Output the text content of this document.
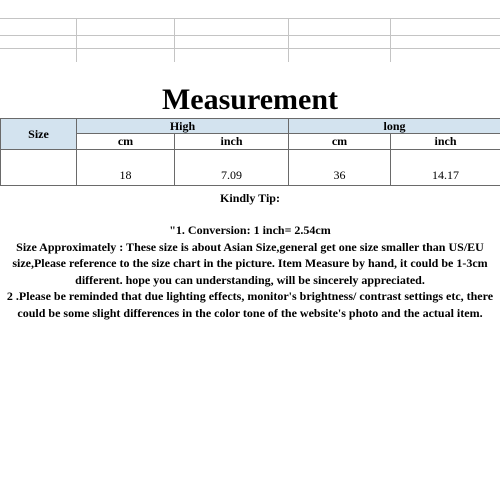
Measurement
Size	High		long	
	cm	inch	cm	inch
	18	7.09	36	14.17
Kindly Tip:

"1. Conversion: 1 inch= 2.54cm

Size Approximately : These size is about Asian Size,general get one size smaller than US/EU size,Please reference to the size chart in the picture. Item Measure by hand, it could be 1-3cm different. hope you can understanding, will be sincerely appreciated.

2 .Please be reminded that due lighting effects, monitor's brightness/ contrast settings etc, there could be some slight differences in the color tone of the website's photo and the actual item.
